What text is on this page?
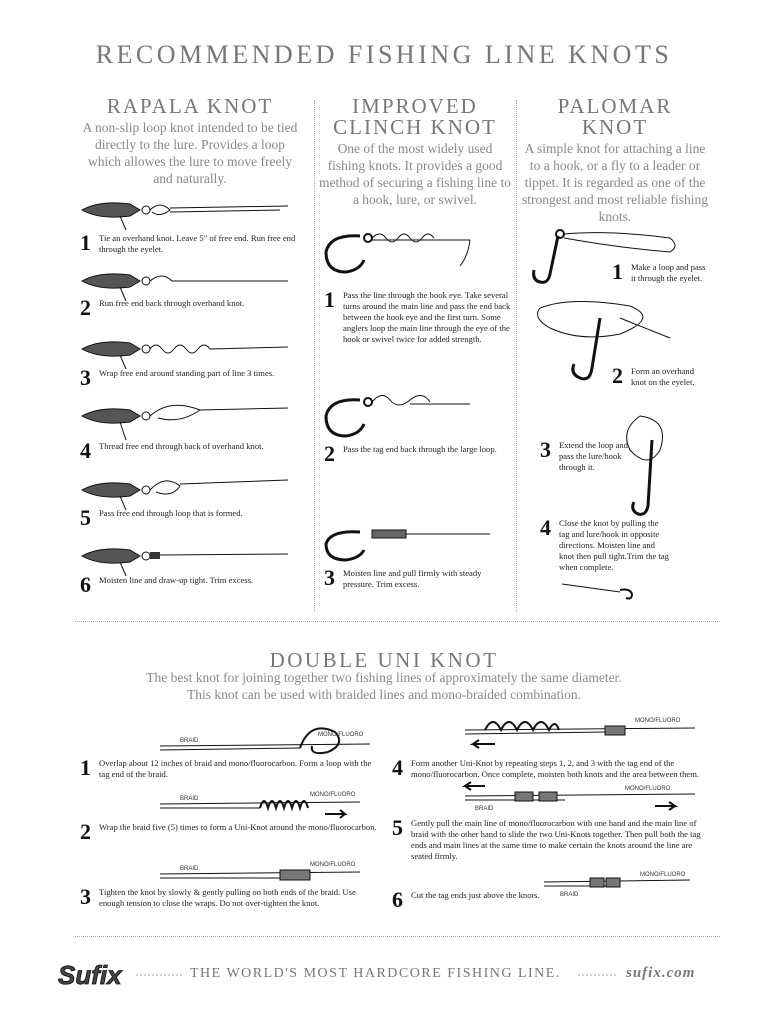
RECOMMENDED FISHING LINE KNOTS
RAPALA KNOT

A non-slip loop knot intended to be tied directly to the lure. Provides a loop which allowes the lure to move freely and naturally.

1 Tie an overhand knot. Leave 5" of free end. Run free end through the eyelet.
2 Run free end back through overhand knot.
3 Wrap free end around standing part of line 3 times.
4 Thread free end through back of overhand knot.
5 Pass free end through loop that is formed.
6 Moisten line and draw-up tight. Trim excess.
IMPROVED
CLINCH KNOT

One of the most widely used fishing knots. It provides a good method of securing a fishing line to a hook, lure, or swivel.

1 Pass the line through the hook eye. Take several turns around the main line and pass the end back between the hook eye and the first turn. Some anglers loop the main line through the eye of the hook or swivel twice for added strength.
2 Pass the tag end back through the large loop.
3 Moisten line and pull firmly with steady pressure. Trim excess.
PALOMAR
KNOT

A simple knot for attaching a line to a hook, or a fly to a leader or tippet. It is regarded as one of the strongest and most reliable fishing knots.

1 Make a loop and pass it through the eyelet.
2 Form an overhand knot on the eyelet.
3 Extend the loop and pass the lure/hook through it.
4 Close the knot by pulling the tag and lure/hook in opposite directions. Moisten line and knot then pull tight.Trim the tag when complete.
DOUBLE UNI KNOT
The best knot for joining together two fishing lines of approximately the same diameter.
This knot can be used with braided lines and mono-braided combination.
BRAID
MONO/FLUORO
1 Overlap about 12 inches of braid and mono/fluorocarbon. Form a loop with the tag end of the braid.
BRAID
MONO/FLUORO
2 Wrap the braid five (5) times to form a Uni-Knot around the mono/fluorocarbon.
BRAID
MONO/FLUORO
3 Tighten the knot by slowly & gently pulling on both ends of the braid. Use enough tension to close the wraps. Do not over-tighten the knot.
MONO/FLUORO
4 Form another Uni-Knot by repeating steps 1, 2, and 3 with the tag end of the mono/fluorocarbon. Once complete, moisten both knots and the area between them.
MONO/FLUORO
BRAID
5 Gently pull the main line of mono/fluorocarbon with one hand and the main line of braid with the other hand to slide the two Uni-Knots together. Then pull both the tag ends and main lines at the same time to make certain the knots around the line are seated firmly.
MONO/FLUORO
BRAID
6 Cut the tag ends just above the knots.
Sufix	THE WORLD'S MOST HARDCORE FISHING LINE.	sufix.com
